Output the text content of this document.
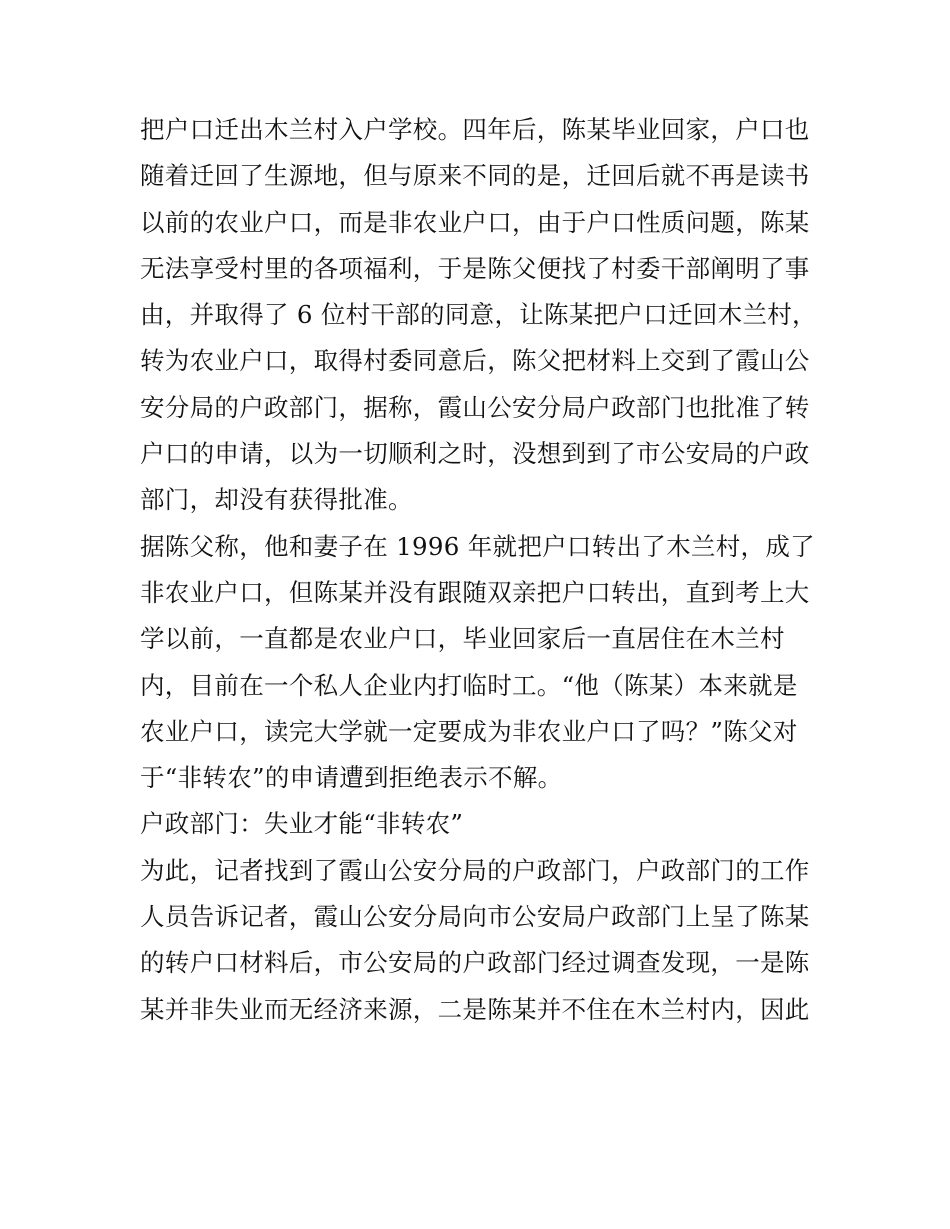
把户口迁出木兰村入户学校。四年后，陈某毕业回家，户口也
随着迁回了生源地，但与原来不同的是，迁回后就不再是读书
以前的农业户口，而是非农业户口，由于户口性质问题，陈某
无法享受村里的各项福利，于是陈父便找了村委干部阐明了事
由，并取得了 6 位村干部的同意，让陈某把户口迁回木兰村，
转为农业户口，取得村委同意后，陈父把材料上交到了霞山公
安分局的户政部门，据称，霞山公安分局户政部门也批准了转
户口的申请，以为一切顺利之时，没想到到了市公安局的户政
部门，却没有获得批准。
据陈父称，他和妻子在 1996 年就把户口转出了木兰村，成了
非农业户口，但陈某并没有跟随双亲把户口转出，直到考上大
学以前，一直都是农业户口，毕业回家后一直居住在木兰村
内，目前在一个私人企业内打临时工。“他（陈某）本来就是
农业户口，读完大学就一定要成为非农业户口了吗？”陈父对
于“非转农”的申请遭到拒绝表示不解。
户政部门：失业才能“非转农”
为此，记者找到了霞山公安分局的户政部门，户政部门的工作
人员告诉记者，霞山公安分局向市公安局户政部门上呈了陈某
的转户口材料后，市公安局的户政部门经过调查发现，一是陈
某并非失业而无经济来源，二是陈某并不住在木兰村内，因此
